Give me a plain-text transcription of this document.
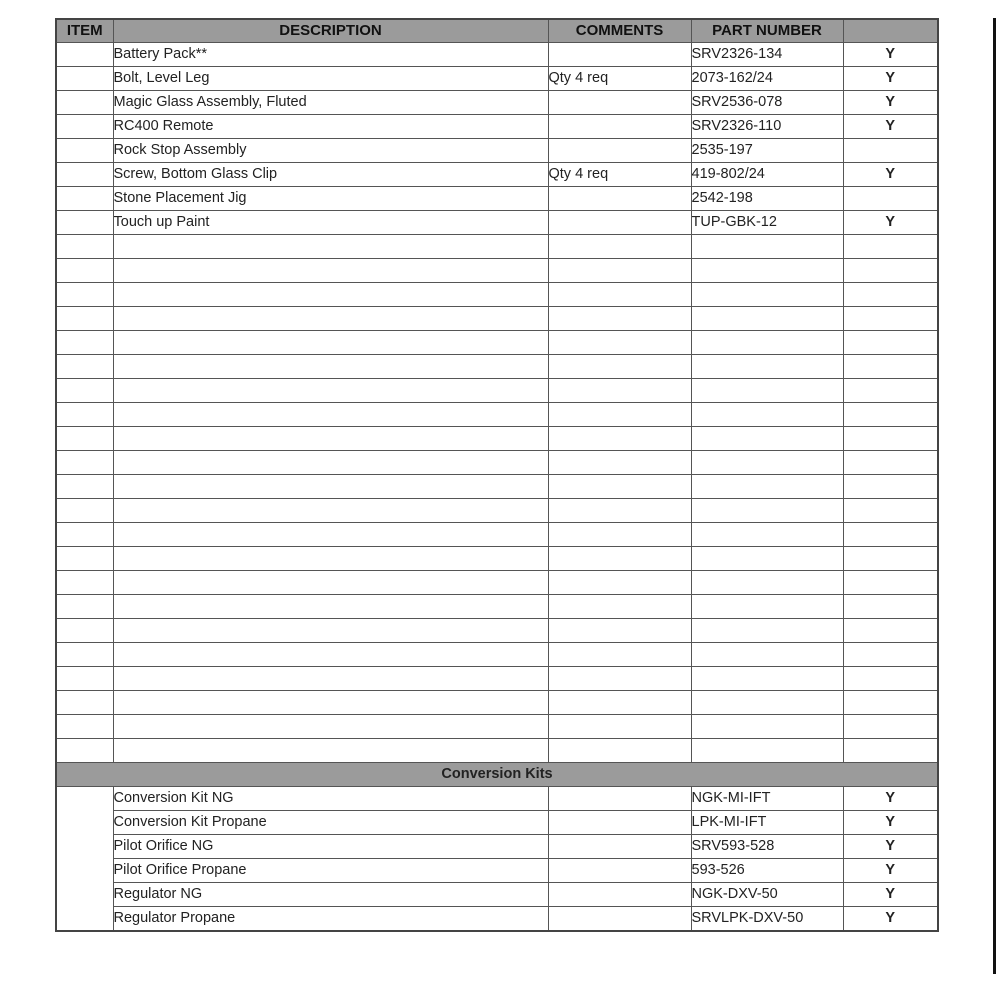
ITEM	DESCRIPTION	COMMENTS	PART NUMBER	
	Battery Pack**		SRV2326-134	Y
	Bolt, Level Leg	Qty 4 req	2073-162/24	Y
	Magic Glass Assembly, Fluted		SRV2536-078	Y
	RC400 Remote		SRV2326-110	Y
	Rock Stop Assembly		2535-197	
	Screw, Bottom Glass Clip	Qty 4 req	419-802/24	Y
	Stone Placement Jig		2542-198	
	Touch up Paint		TUP-GBK-12	Y

Conversion Kits				
	Conversion Kit NG		NGK-MI-IFT	Y
	Conversion Kit Propane		LPK-MI-IFT	Y
	Pilot Orifice NG		SRV593-528	Y
	Pilot Orifice Propane		593-526	Y
	Regulator NG		NGK-DXV-50	Y
	Regulator Propane		SRVLPK-DXV-50	Y
